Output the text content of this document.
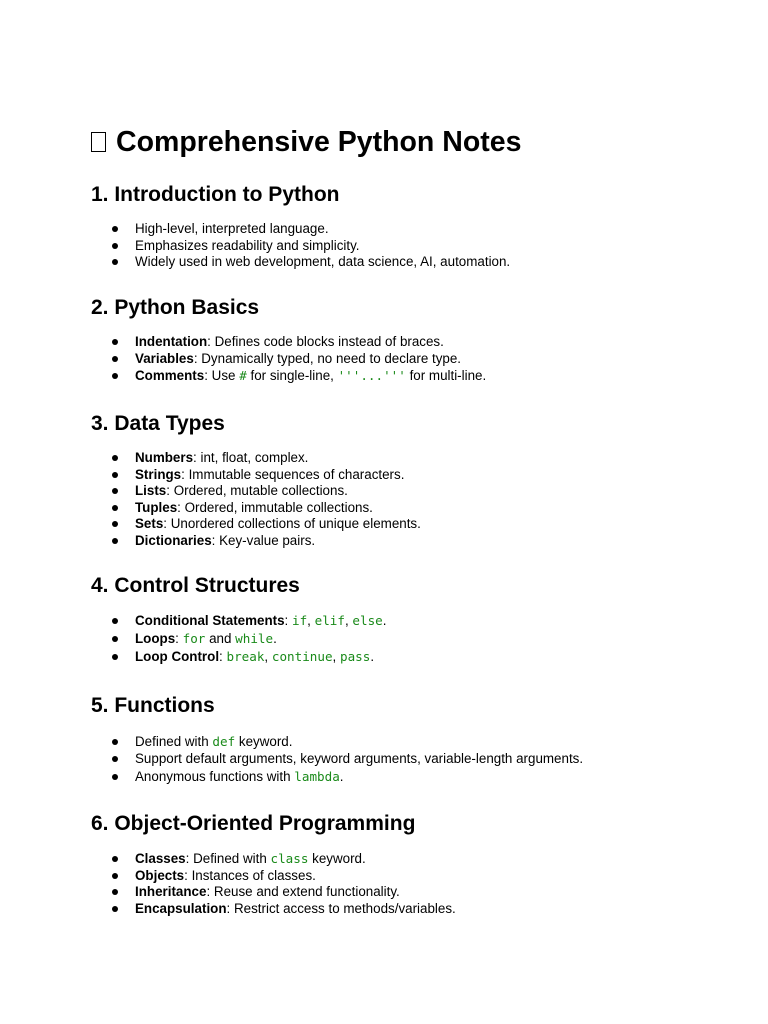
Comprehensive Python Notes
1. Introduction to Python
High-level, interpreted language.
Emphasizes readability and simplicity.
Widely used in web development, data science, AI, automation.
2. Python Basics
Indentation: Defines code blocks instead of braces.
Variables: Dynamically typed, no need to declare type.
Comments: Use # for single-line, '''...''' for multi-line.
3. Data Types
Numbers: int, float, complex.
Strings: Immutable sequences of characters.
Lists: Ordered, mutable collections.
Tuples: Ordered, immutable collections.
Sets: Unordered collections of unique elements.
Dictionaries: Key-value pairs.
4. Control Structures
Conditional Statements: if, elif, else.
Loops: for and while.
Loop Control: break, continue, pass.
5. Functions
Defined with def keyword.
Support default arguments, keyword arguments, variable-length arguments.
Anonymous functions with lambda.
6. Object-Oriented Programming
Classes: Defined with class keyword.
Objects: Instances of classes.
Inheritance: Reuse and extend functionality.
Encapsulation: Restrict access to methods/variables.
